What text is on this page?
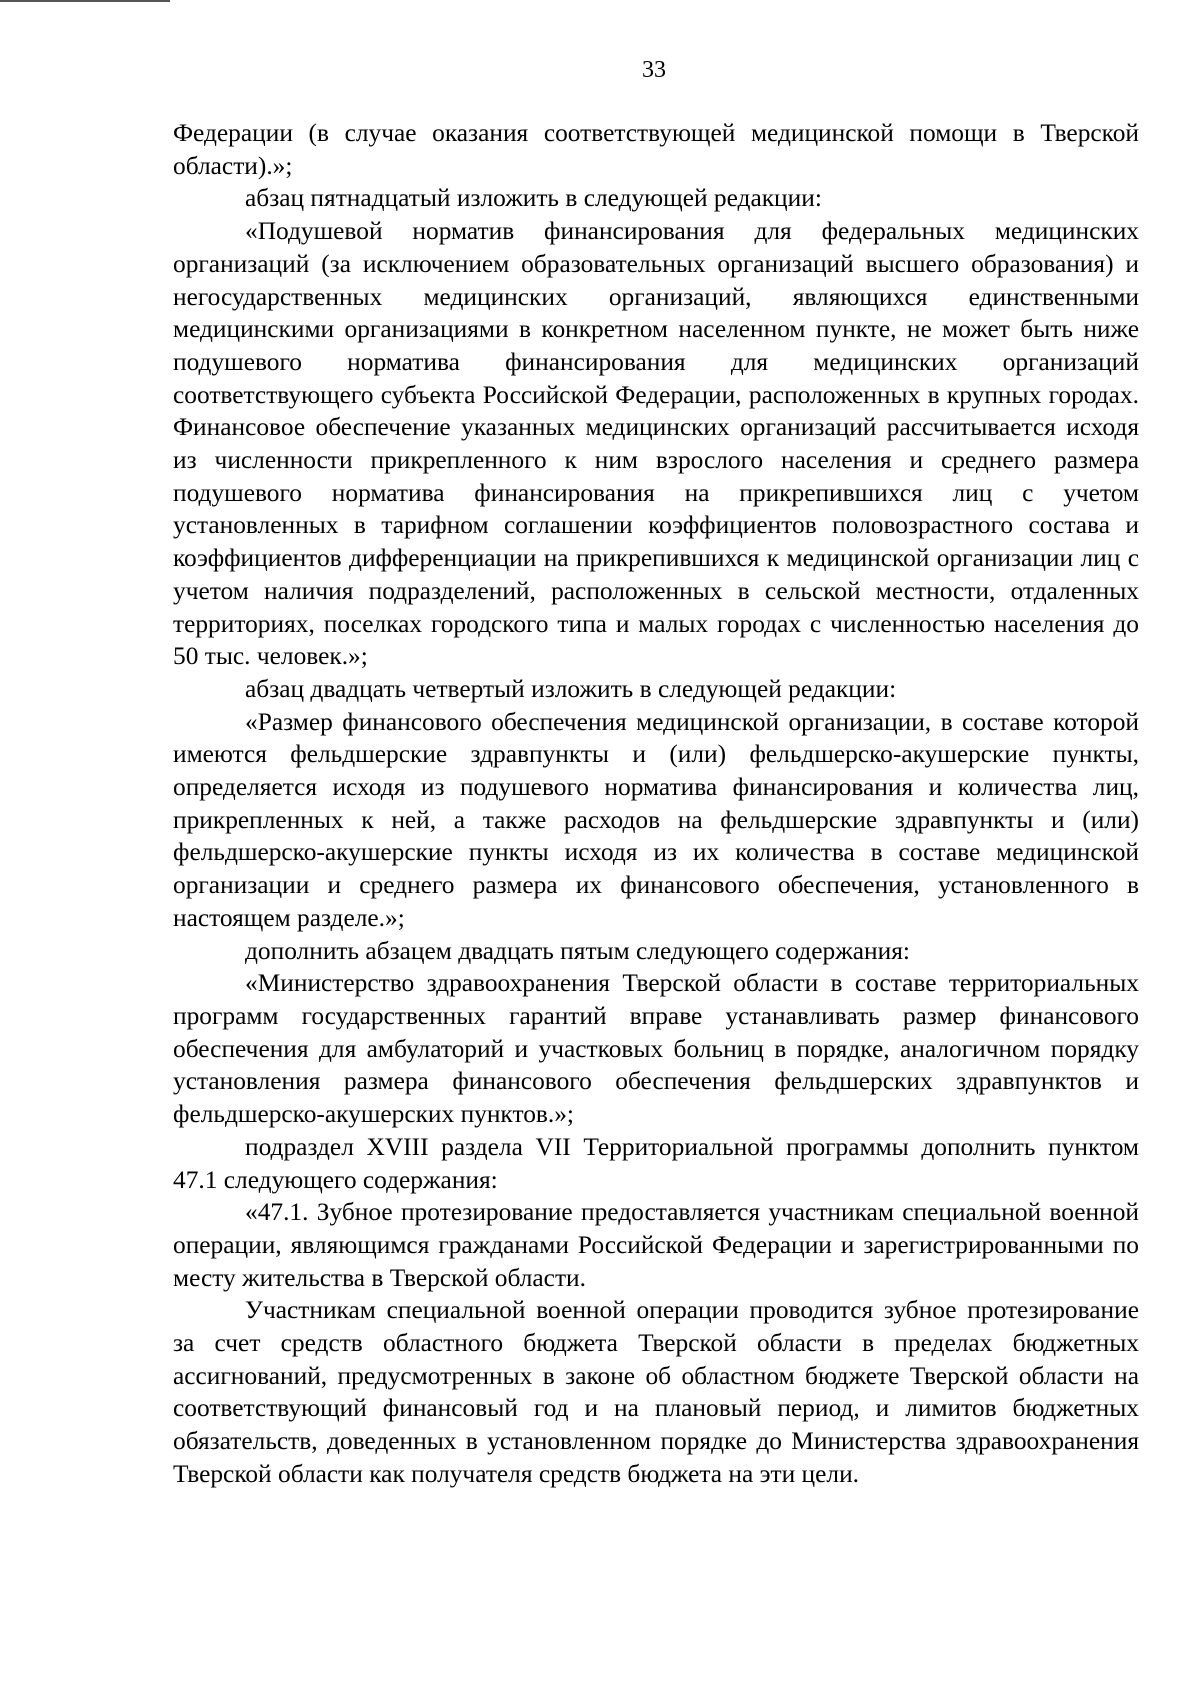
33

Федерации (в случае оказания соответствующей медицинской помощи в Тверской области).»;

абзац пятнадцатый изложить в следующей редакции:

«Подушевой норматив финансирования для федеральных медицинских организаций (за исключением образовательных организаций высшего образования) и негосударственных медицинских организаций, являющихся единственными медицинскими организациями в конкретном населенном пункте, не может быть ниже подушевого норматива финансирования для медицинских организаций соответствующего субъекта Российской Федерации, расположенных в крупных городах. Финансовое обеспечение указанных медицинских организаций рассчитывается исходя из численности прикрепленного к ним взрослого населения и среднего размера подушевого норматива финансирования на прикрепившихся лиц с учетом установленных в тарифном соглашении коэффициентов половозрастного состава и коэффициентов дифференциации на прикрепившихся к медицинской организации лиц с учетом наличия подразделений, расположенных в сельской местности, отдаленных территориях, поселках городского типа и малых городах с численностью населения до 50 тыс. человек.»;

абзац двадцать четвертый изложить в следующей редакции:

«Размер финансового обеспечения медицинской организации, в составе которой имеются фельдшерские здравпункты и (или) фельдшерско-акушерские пункты, определяется исходя из подушевого норматива финансирования и количества лиц, прикрепленных к ней, а также расходов на фельдшерские здравпункты и (или) фельдшерско-акушерские пункты исходя из их количества в составе медицинской организации и среднего размера их финансового обеспечения, установленного в настоящем разделе.»;

дополнить абзацем двадцать пятым следующего содержания:

«Министерство здравоохранения Тверской области в составе территориальных программ государственных гарантий вправе устанавливать размер финансового обеспечения для амбулаторий и участковых больниц в порядке, аналогичном порядку установления размера финансового обеспечения фельдшерских здравпунктов и фельдшерско-акушерских пунктов.»;

подраздел XVIII раздела VII Территориальной программы дополнить пунктом 47.1 следующего содержания:

«47.1. Зубное протезирование предоставляется участникам специальной военной операции, являющимся гражданами Российской Федерации и зарегистрированными по месту жительства в Тверской области.

Участникам специальной военной операции проводится зубное протезирование за счет средств областного бюджета Тверской области в пределах бюджетных ассигнований, предусмотренных в законе об областном бюджете Тверской области на соответствующий финансовый год и на плановый период, и лимитов бюджетных обязательств, доведенных в установленном порядке до Министерства здравоохранения Тверской области как получателя средств бюджета на эти цели.
